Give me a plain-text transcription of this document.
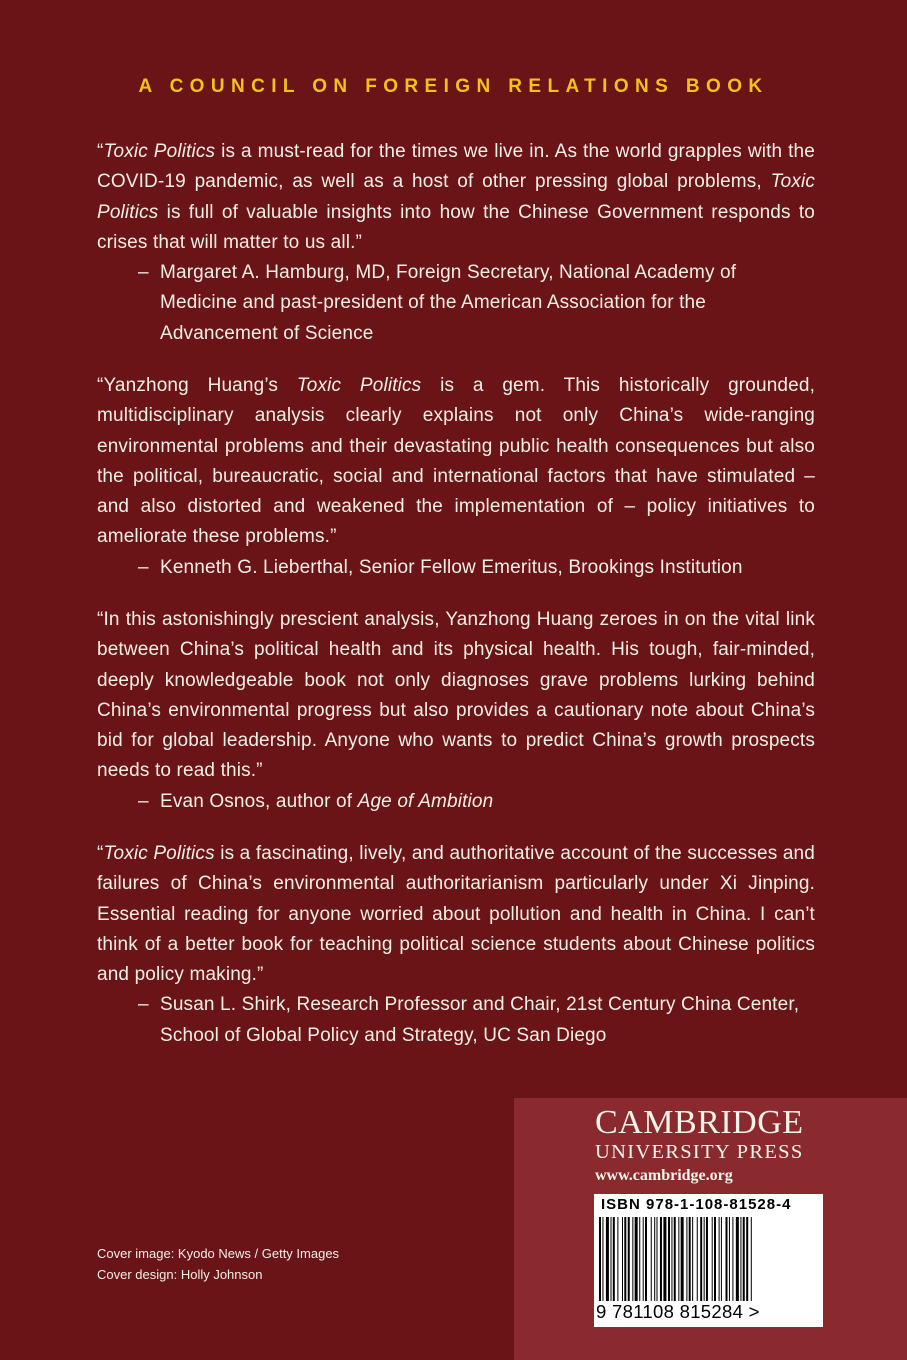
A COUNCIL ON FOREIGN RELATIONS BOOK

“Toxic Politics is a must-read for the times we live in. As the world grapples with the COVID-19 pandemic, as well as a host of other pressing global problems, Toxic Politics is full of valuable insights into how the Chinese Government responds to crises that will matter to us all.”

– Margaret A. Hamburg, MD, Foreign Secretary, National Academy of Medicine and past-president of the American Association for the Advancement of Science

“Yanzhong Huang’s Toxic Politics is a gem. This historically grounded, multidisciplinary analysis clearly explains not only China’s wide-ranging environmental problems and their devastating public health consequences but also the political, bureaucratic, social and international factors that have stimulated – and also distorted and weakened the implementation of – policy initiatives to ameliorate these problems.”

– Kenneth G. Lieberthal, Senior Fellow Emeritus, Brookings Institution

“In this astonishingly prescient analysis, Yanzhong Huang zeroes in on the vital link between China’s political health and its physical health. His tough, fair-minded, deeply knowledgeable book not only diagnoses grave problems lurking behind China’s environmental progress but also provides a cautionary note about China’s bid for global leadership. Anyone who wants to predict China’s growth prospects needs to read this.”

– Evan Osnos, author of Age of Ambition

“Toxic Politics is a fascinating, lively, and authoritative account of the successes and failures of China’s environmental authoritarianism particularly under Xi Jinping. Essential reading for anyone worried about pollution and health in China. I can’t think of a better book for teaching political science students about Chinese politics and policy making.”

– Susan L. Shirk, Research Professor and Chair, 21st Century China Center, School of Global Policy and Strategy, UC San Diego

Cover image: Kyodo News / Getty Images
Cover design: Holly Johnson
CAMBRIDGE
UNIVERSITY PRESS
www.cambridge.org
ISBN 978-1-108-81528-4
9 781108 815284 >
